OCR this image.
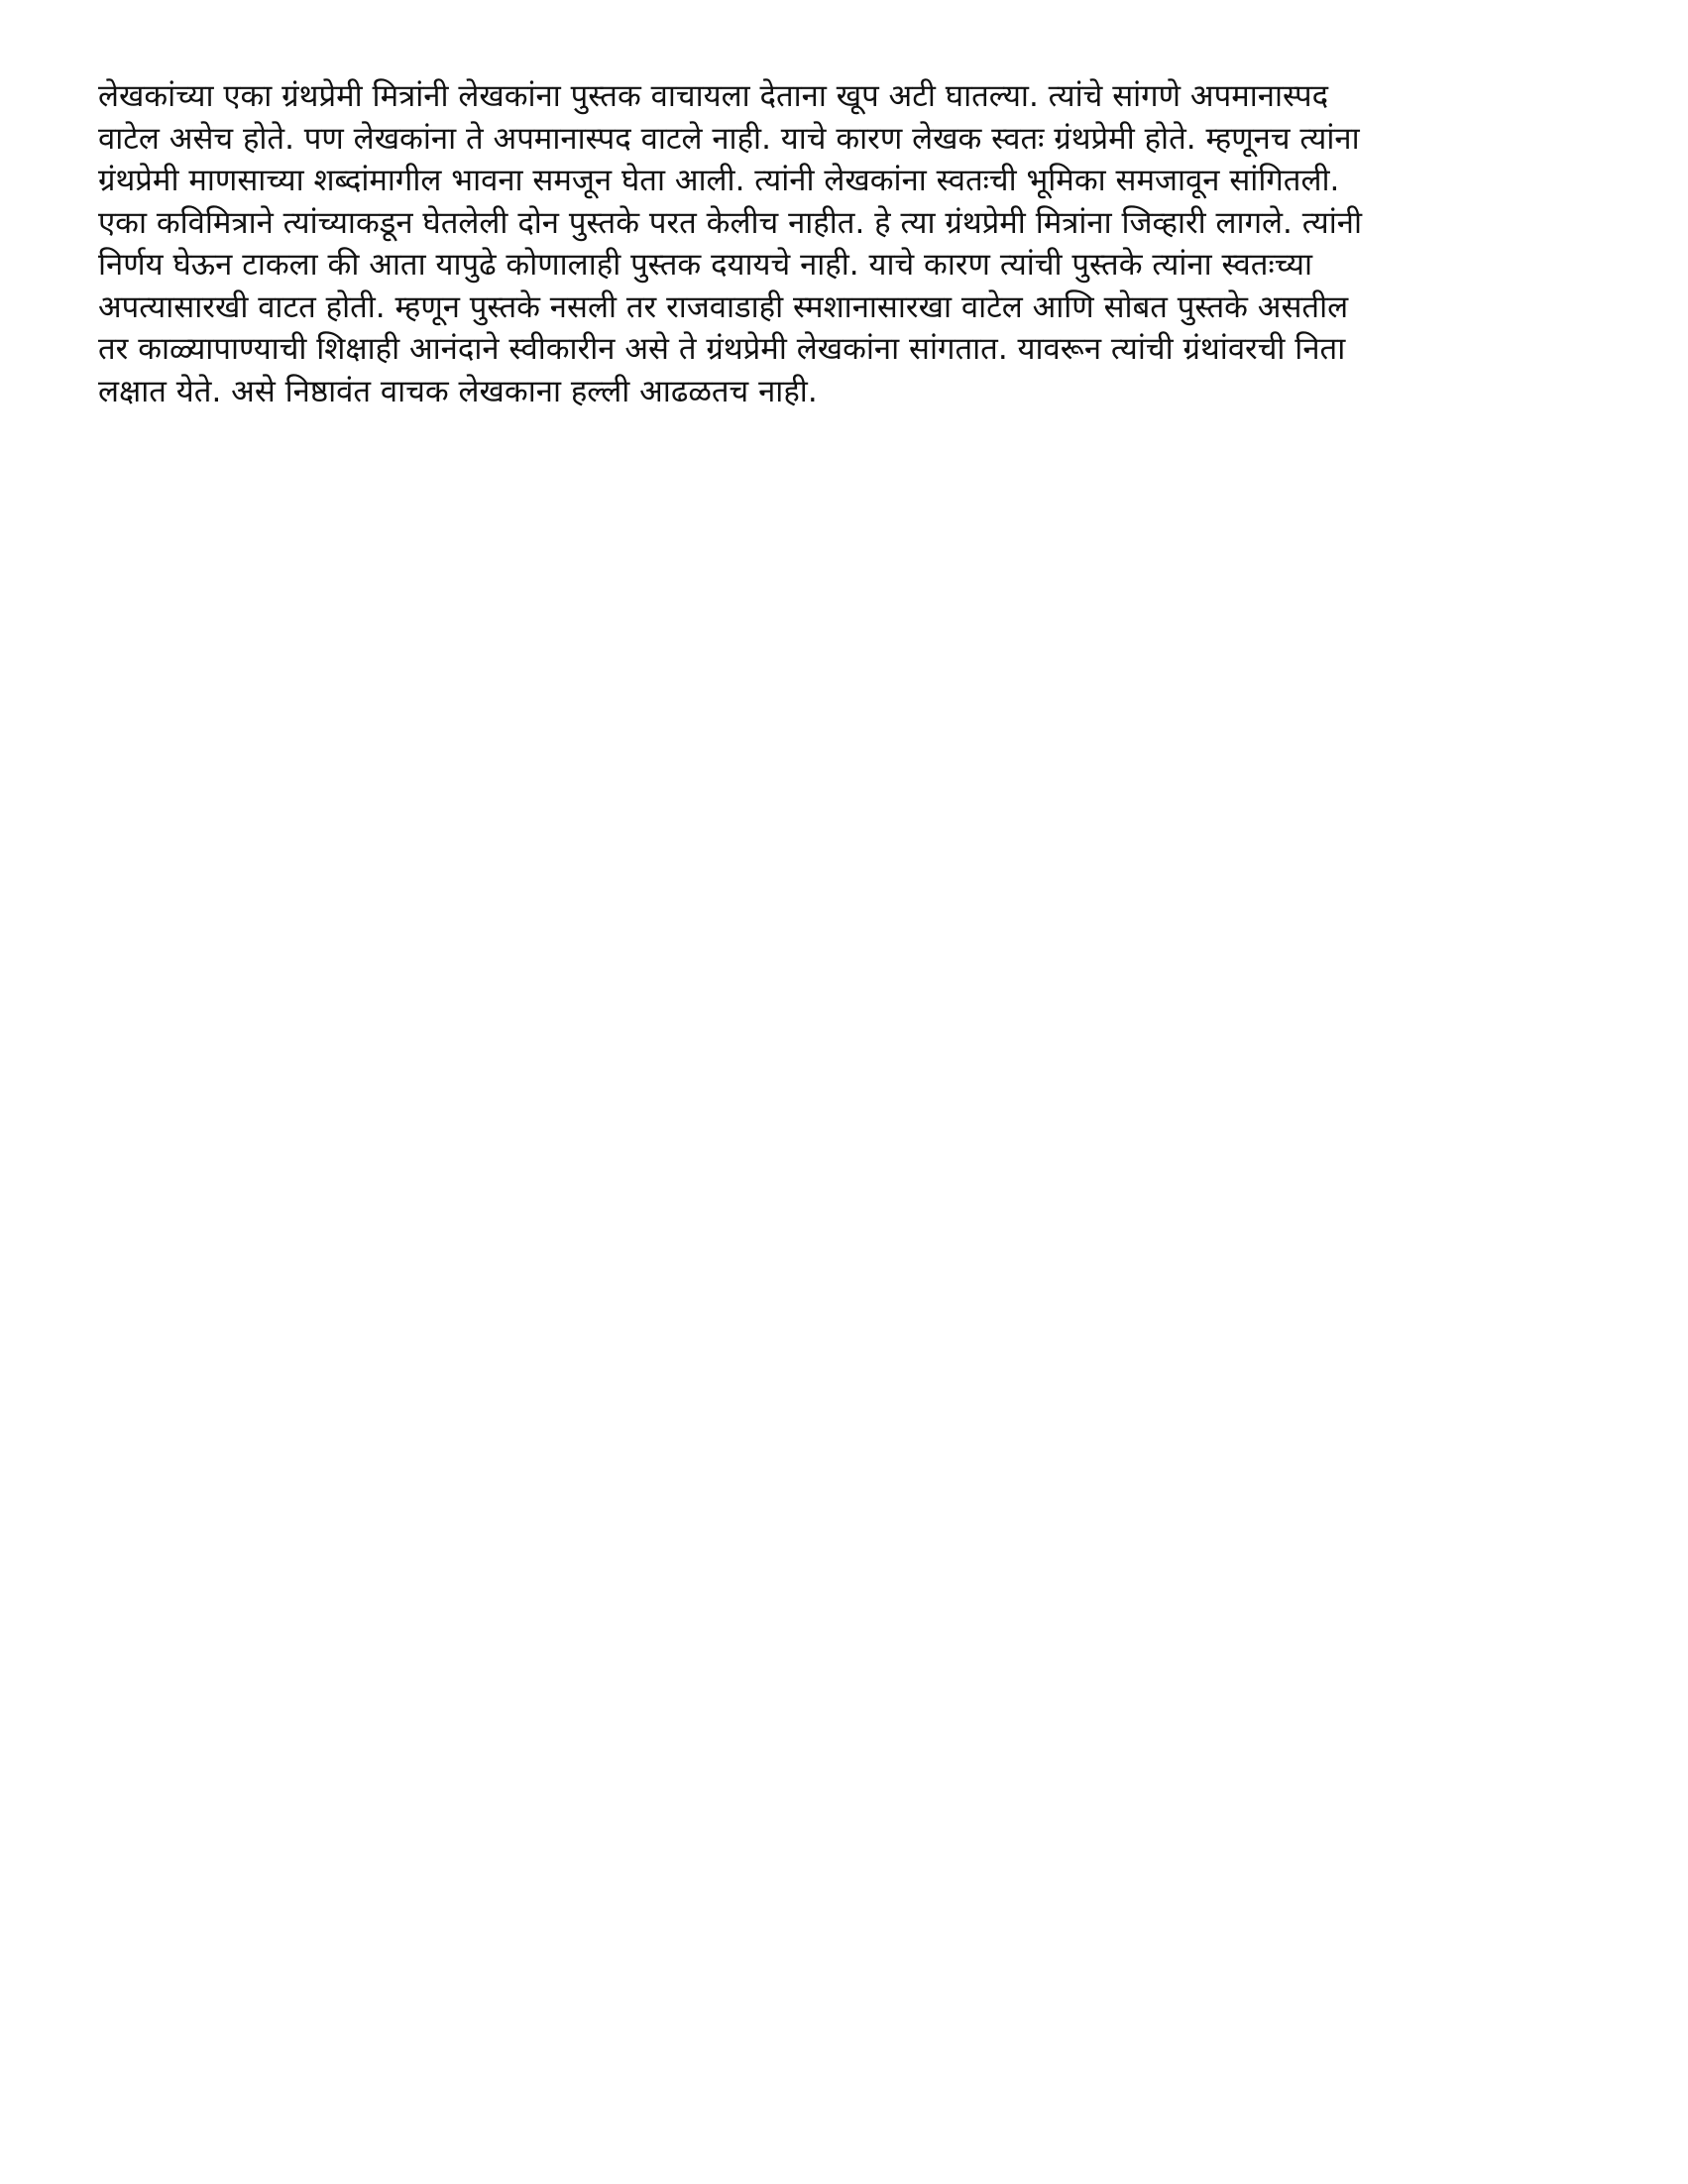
लेखकांच्या एका ग्रंथप्रेमी मित्रांनी लेखकांना पुस्तक वाचायला देताना खूप अटी घातल्या. त्यांचे सांगणे अपमानास्पद
वाटेल असेच होते. पण लेखकांना ते अपमानास्पद वाटले नाही. याचे कारण लेखक स्वतः ग्रंथप्रेमी होते. म्हणूनच त्यांना
ग्रंथप्रेमी माणसाच्या शब्दांमागील भावना समजून घेता आली. त्यांनी लेखकांना स्वतःची भूमिका समजावून सांगितली.
एका कविमित्राने त्यांच्याकडून घेतलेली दोन पुस्तके परत केलीच नाहीत. हे त्या ग्रंथप्रेमी मित्रांना जिव्हारी लागले. त्यांनी
निर्णय घेऊन टाकला की आता यापुढे कोणालाही पुस्तक दयायचे नाही. याचे कारण त्यांची पुस्तके त्यांना स्वतःच्या
अपत्यासारखी वाटत होती. म्हणून पुस्तके नसली तर राजवाडाही स्मशानासारखा वाटेल आणि सोबत पुस्तके असतील
तर काळ्यापाण्याची शिक्षाही आनंदाने स्वीकारीन असे ते ग्रंथप्रेमी लेखकांना सांगतात. यावरून त्यांची ग्रंथांवरची निता
लक्षात येते. असे निष्ठावंत वाचक लेखकाना हल्ली आढळतच नाही.
